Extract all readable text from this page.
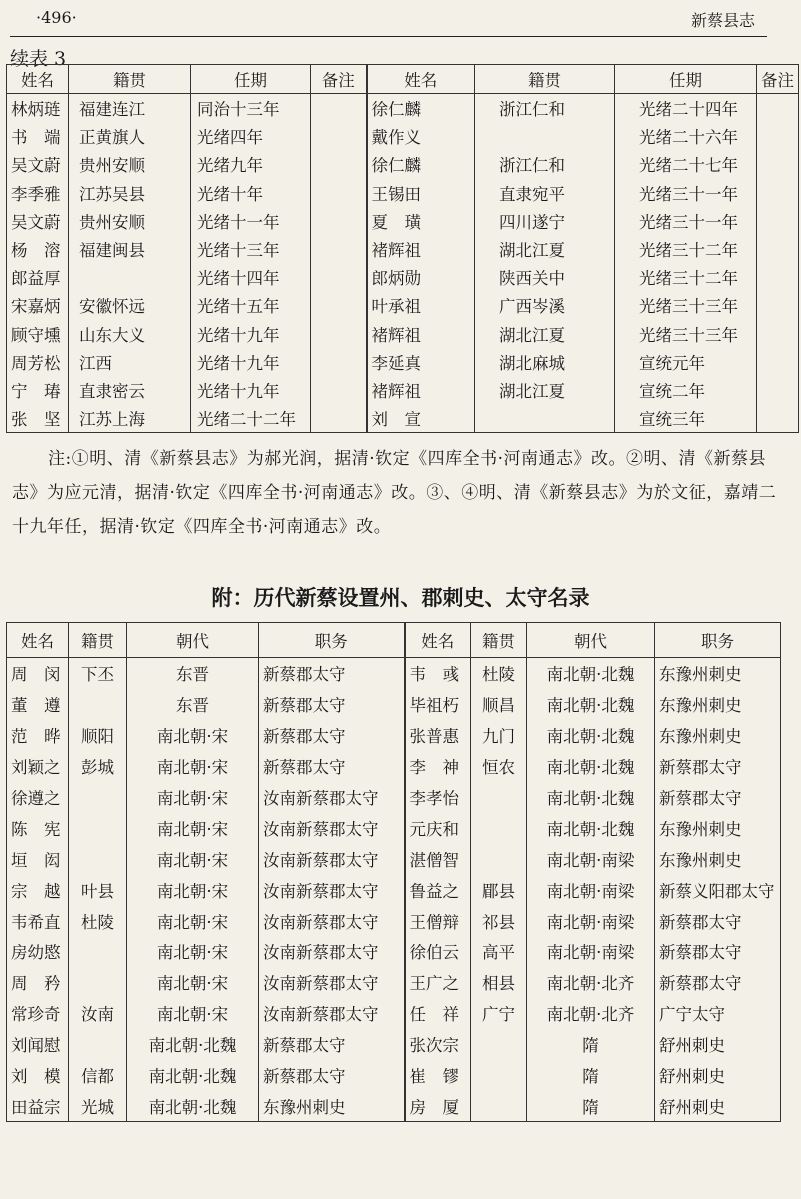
·496·	新蔡县志
续表 3
姓名	籍贯	任期	备注	姓名	籍贯	任期	备注
林炳琏	福建连江	同治十三年		徐仁麟	浙江仁和	光绪二十四年	
书　端	正黄旗人	光绪四年		戴作义		光绪二十六年	
吴文蔚	贵州安顺	光绪九年		徐仁麟	浙江仁和	光绪二十七年	
李季雅	江苏吴县	光绪十年		王锡田	直隶宛平	光绪三十一年	
吴文蔚	贵州安顺	光绪十一年		夏　璜	四川遂宁	光绪三十一年	
杨　溶	福建闽县	光绪十三年		褚辉祖	湖北江夏	光绪三十二年	
郎益厚		光绪十四年		郎炳勋	陕西关中	光绪三十二年	
宋嘉炳	安徽怀远	光绪十五年		叶承祖	广西岑溪	光绪三十三年	
顾守壎	山东大义	光绪十九年		褚辉祖	湖北江夏	光绪三十三年	
周芳松	江西	光绪十九年		李延真	湖北麻城	宣统元年	
宁　瑃	直隶密云	光绪十九年		褚辉祖	湖北江夏	宣统二年	
张　坚	江苏上海	光绪二十二年		刘　宣		宣统三年	

注:①明、清《新蔡县志》为郝光润，据清·钦定《四库全书·河南通志》改。②明、清《新蔡县志》为应元清，据清·钦定《四库全书·河南通志》改。③、④明、清《新蔡县志》为於文征，嘉靖二十九年任，据清·钦定《四库全书·河南通志》改。

附：历代新蔡设置州、郡刺史、太守名录
姓名	籍贯	朝代	职务	姓名	籍贯	朝代	职务
周　闵	下丕	东晋	新蔡郡太守	韦　彧	杜陵	南北朝·北魏	东豫州刺史
董　遵		东晋	新蔡郡太守	毕祖朽	顺昌	南北朝·北魏	东豫州刺史
范　晔	顺阳	南北朝·宋	新蔡郡太守	张普惠	九门	南北朝·北魏	东豫州刺史
刘颖之	彭城	南北朝·宋	新蔡郡太守	李　神	恒农	南北朝·北魏	新蔡郡太守
徐遵之		南北朝·宋	汝南新蔡郡太守	李孝怡		南北朝·北魏	新蔡郡太守
陈　宪		南北朝·宋	汝南新蔡郡太守	元庆和		南北朝·北魏	东豫州刺史
垣　闳		南北朝·宋	汝南新蔡郡太守	湛僧智		南北朝·南梁	东豫州刺史
宗　越	叶县	南北朝·宋	汝南新蔡郡太守	鲁益之	郿县	南北朝·南梁	新蔡义阳郡太守
韦希直	杜陵	南北朝·宋	汝南新蔡郡太守	王僧辩	祁县	南北朝·南梁	新蔡郡太守
房幼愍		南北朝·宋	汝南新蔡郡太守	徐伯云	高平	南北朝·南梁	新蔡郡太守
周　矜		南北朝·宋	汝南新蔡郡太守	王广之	相县	南北朝·北齐	新蔡郡太守
常珍奇	汝南	南北朝·宋	汝南新蔡郡太守	任　祥	广宁	南北朝·北齐	广宁太守
刘闻慰		南北朝·北魏	新蔡郡太守	张次宗		隋	舒州刺史
刘　模	信都	南北朝·北魏	新蔡郡太守	崔　镠		隋	舒州刺史
田益宗	光城	南北朝·北魏	东豫州刺史	房　厦		隋	舒州刺史
